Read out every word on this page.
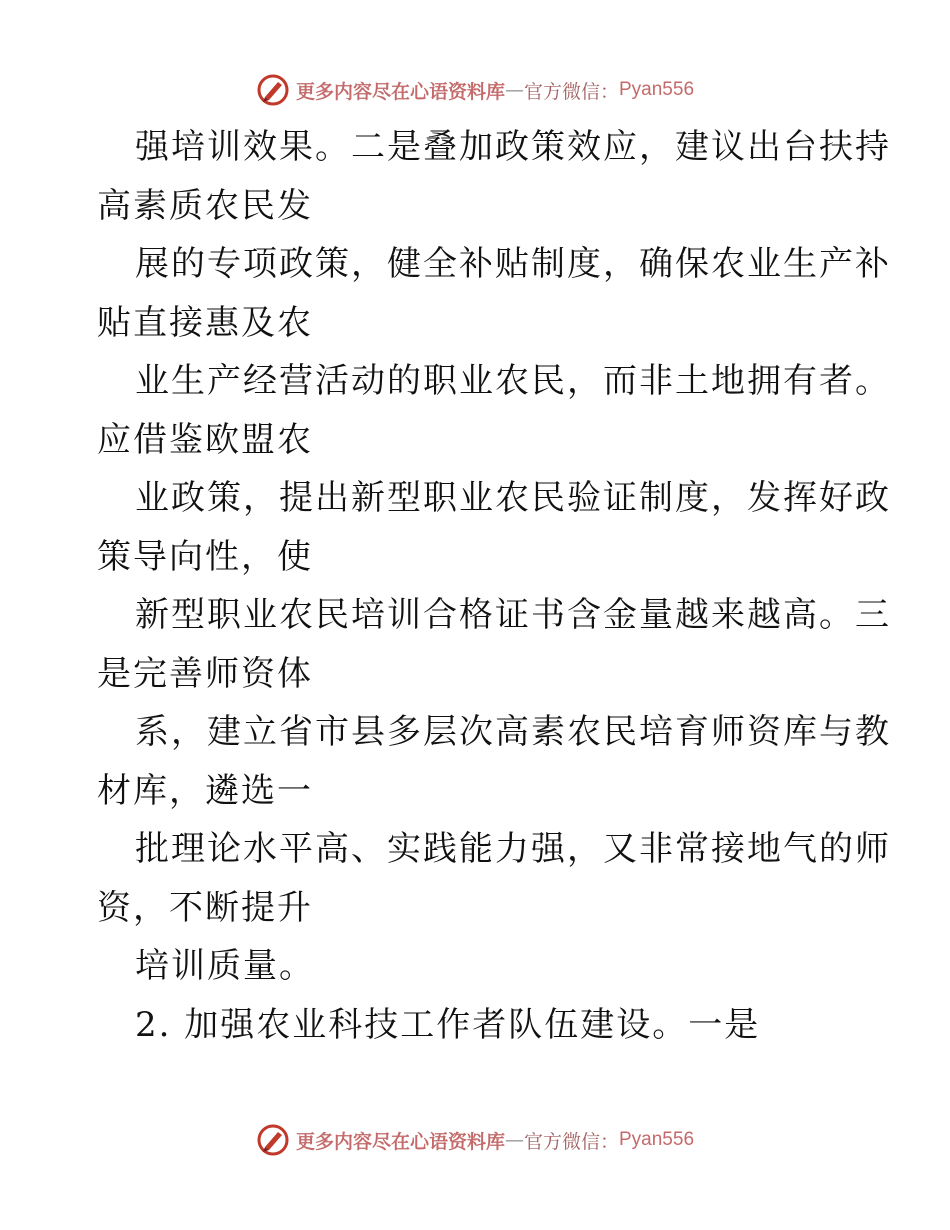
更多内容尽在心语资料库 — 官方微信： Pyan556
强培训效果。二是叠加政策效应，建议出台扶持
高素质农民发
展的专项政策，健全补贴制度，确保农业生产补
贴直接惠及农
业生产经营活动的职业农民，而非土地拥有者。
应借鉴欧盟农
业政策，提出新型职业农民验证制度，发挥好政
策导向性，使
新型职业农民培训合格证书含金量越来越高。三
是完善师资体
系，建立省市县多层次高素农民培育师资库与教
材库，遴选一
批理论水平高、实践能力强，又非常接地气的师
资，不断提升
培训质量。
2. 加强农业科技工作者队伍建设。一是
更多内容尽在心语资料库 — 官方微信： Pyan556
